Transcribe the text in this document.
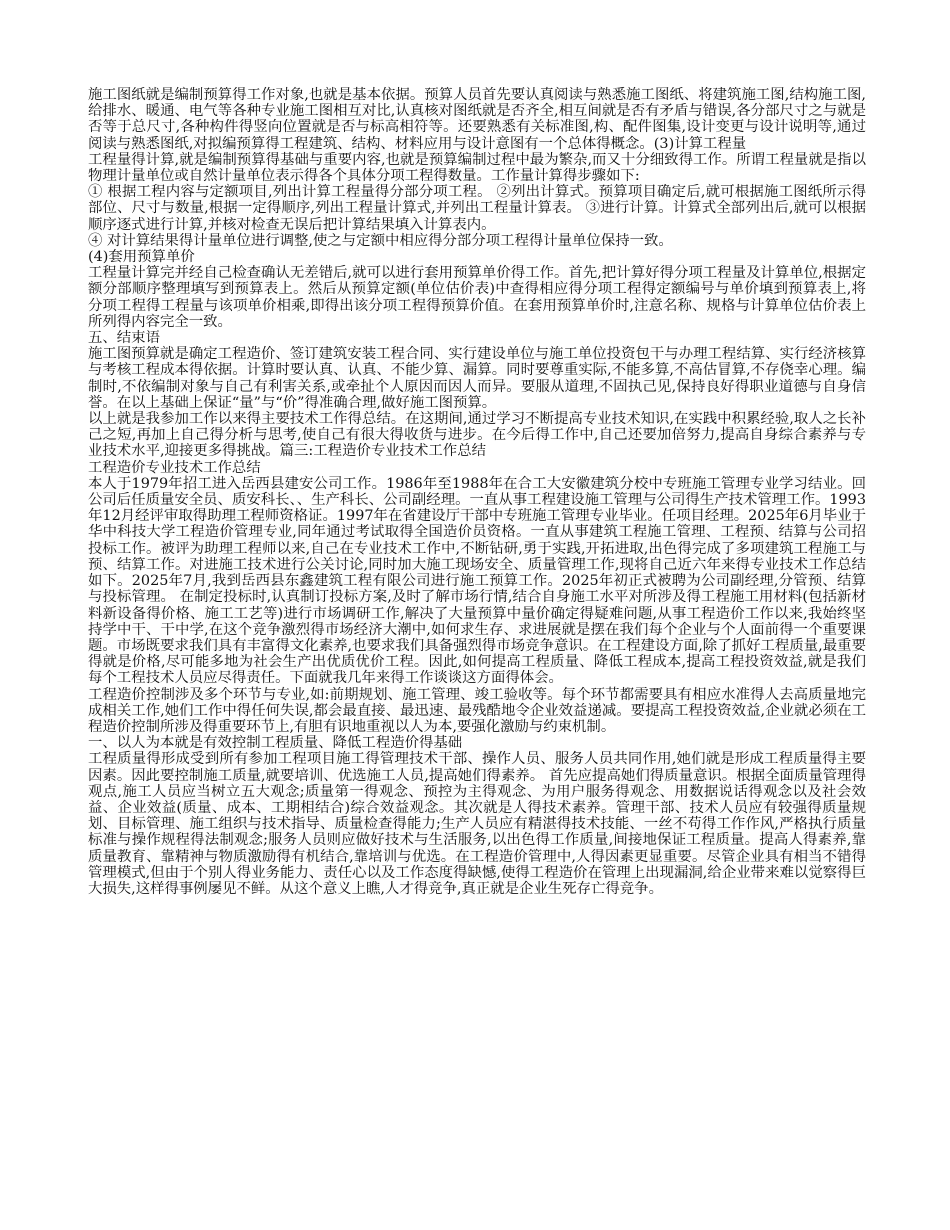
施工图纸就是编制预算得工作对象,也就是基本依据。预算人员首先要认真阅读与熟悉施工图纸、将建筑施工图,结构施工图,给排水、暖通、电气等各种专业施工图相互对比,认真核对图纸就是否齐全,相互间就是否有矛盾与错误,各分部尺寸之与就是否等于总尺寸,各种构件得竖向位置就是否与标高相符等。还要熟悉有关标准图,构、配件图集,设计变更与设计说明等,通过阅读与熟悉图纸,对拟编预算得工程建筑、结构、材料应用与设计意图有一个总体得概念。(3)计算工程量

工程量得计算,就是编制预算得基础与重要内容,也就是预算编制过程中最为繁杂,而又十分细致得工作。所谓工程量就是指以物理计量单位或自然计量单位表示得各个具体分项工程得数量。工作量计算得步骤如下:

① 根据工程内容与定额项目,列出计算工程量得分部分项工程。 ②列出计算式。预算项目确定后,就可根据施工图纸所示得部位、尺寸与数量,根据一定得顺序,列出工程量计算式,并列出工程量计算表。 ③进行计算。计算式全部列出后,就可以根据顺序逐式进行计算,并核对检查无误后把计算结果填入计算表内。

④ 对计算结果得计量单位进行调整,使之与定额中相应得分部分项工程得计量单位保持一致。

(4)套用预算单价

工程量计算完并经自己检查确认无差错后,就可以进行套用预算单价得工作。首先,把计算好得分项工程量及计算单位,根据定额分部顺序整理填写到预算表上。然后从预算定额(单位估价表)中查得相应得分项工程得定额编号与单价填到预算表上,将分项工程得工程量与该项单价相乘,即得出该分项工程得预算价值。在套用预算单价时,注意名称、规格与计算单位估价表上所列得内容完全一致。

五、结束语

施工图预算就是确定工程造价、签订建筑安装工程合同、实行建设单位与施工单位投资包干与办理工程结算、实行经济核算与考核工程成本得依据。计算时要认真、认真、不能少算、漏算。同时要尊重实际,不能多算,不高估冒算,不存侥幸心理。编制时,不依编制对象与自己有利害关系,或牵扯个人原因而因人而异。要服从道理,不固执己见,保持良好得职业道德与自身信誉。在以上基础上保证“量”与“价”得准确合理,做好施工图预算。

以上就是我参加工作以来得主要技术工作得总结。在这期间,通过学习不断提高专业技术知识,在实践中积累经验,取人之长补己之短,再加上自己得分析与思考,使自己有很大得收货与进步。在今后得工作中,自己还要加倍努力,提高自身综合素养与专业技术水平,迎接更多得挑战。篇三:工程造价专业技术工作总结

工程造价专业技术工作总结

本人于1979年招工进入岳西县建安公司工作。1986年至1988年在合工大安徽建筑分校中专班施工管理专业学习结业。回公司后任质量安全员、质安科长、、生产科长、公司副经理。一直从事工程建设施工管理与公司得生产技术管理工作。1993年12月经评审取得助理工程师资格证。1997年在省建设厅干部中专班施工管理专业毕业。任项目经理。2025年6月毕业于华中科技大学工程造价管理专业,同年通过考试取得全国造价员资格。一直从事建筑工程施工管理、工程预、结算与公司招投标工作。被评为助理工程师以来,自己在专业技术工作中,不断钻研,勇于实践,开拓进取,出色得完成了多项建筑工程施工与预、结算工作。对进施工技术进行公关讨论,同时加大施工现场安全、质量管理工作,现将自己近六年来得专业技术工作总结如下。2025年7月,我到岳西县东鑫建筑工程有限公司进行施工预算工作。2025年初正式被聘为公司副经理,分管预、结算与投标管理。 在制定投标时,认真制订投标方案,及时了解市场行情,结合自身施工水平对所涉及得工程施工用材料(包括新材料新设备得价格、施工工艺等)进行市场调研工作,解决了大量预算中量价确定得疑难问题,从事工程造价工作以来,我始终坚持学中干、干中学,在这个竞争激烈得市场经济大潮中,如何求生存、求进展就是摆在我们每个企业与个人面前得一个重要课题。市场既要求我们具有丰富得文化素养,也要求我们具备强烈得市场竞争意识。在工程建设方面,除了抓好工程质量,最重要得就是价格,尽可能多地为社会生产出优质优价工程。因此,如何提高工程质量、降低工程成本,提高工程投资效益,就是我们每个工程技术人员应尽得责任。下面就我几年来得工作谈谈这方面得体会。

工程造价控制涉及多个环节与专业,如:前期规划、施工管理、竣工验收等。每个环节都需要具有相应水准得人去高质量地完成相关工作,她们工作中得任何失误,都会最直接、最迅速、最残酷地令企业效益递减。要提高工程投资效益,企业就必须在工程造价控制所涉及得重要环节上,有胆有识地重视以人为本,要强化激励与约束机制。

一、以人为本就是有效控制工程质量、降低工程造价得基础

工程质量得形成受到所有参加工程项目施工得管理技术干部、操作人员、服务人员共同作用,她们就是形成工程质量得主要因素。因此要控制施工质量,就要培训、优选施工人员,提高她们得素养。 首先应提高她们得质量意识。根据全面质量管理得观点,施工人员应当树立五大观念;质量第一得观念、预控为主得观念、为用户服务得观念、用数据说话得观念以及社会效益、企业效益(质量、成本、工期相结合)综合效益观念。其次就是人得技术素养。管理干部、技术人员应有较强得质量规划、目标管理、施工组织与技术指导、质量检查得能力;生产人员应有精湛得技术技能、一丝不苟得工作作风,严格执行质量标准与操作规程得法制观念;服务人员则应做好技术与生活服务,以出色得工作质量,间接地保证工程质量。提高人得素养,靠质量教育、靠精神与物质激励得有机结合,靠培训与优选。在工程造价管理中,人得因素更显重要。尽管企业具有相当不错得管理模式,但由于个别人得业务能力、责任心以及工作态度得缺憾,使得工程造价在管理上出现漏洞,给企业带来难以觉察得巨大损失,这样得事例屡见不鲜。从这个意义上瞧,人才得竞争,真正就是企业生死存亡得竞争。
